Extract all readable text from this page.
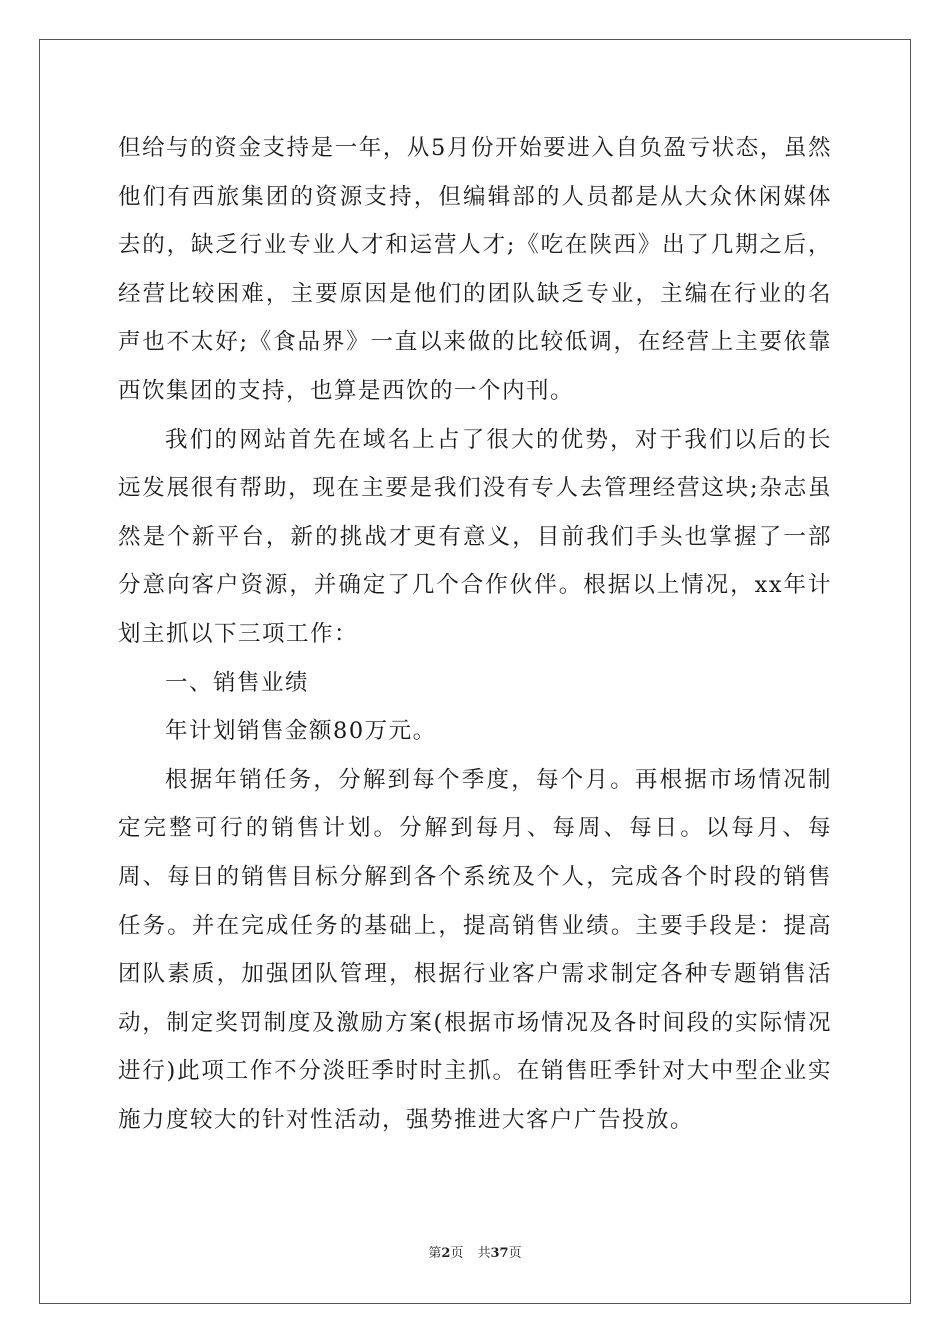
但给与的资金支持是一年，从5月份开始要进入自负盈亏状态，虽然他们有西旅集团的资源支持，但编辑部的人员都是从大众休闲媒体去的，缺乏行业专业人才和运营人才;《吃在陕西》出了几期之后，经营比较困难，主要原因是他们的团队缺乏专业，主编在行业的名声也不太好;《食品界》一直以来做的比较低调，在经营上主要依靠西饮集团的支持，也算是西饮的一个内刊。

我们的网站首先在域名上占了很大的优势，对于我们以后的长远发展很有帮助，现在主要是我们没有专人去管理经营这块;杂志虽然是个新平台，新的挑战才更有意义，目前我们手头也掌握了一部分意向客户资源，并确定了几个合作伙伴。根据以上情况，xx年计划主抓以下三项工作：

一、销售业绩

年计划销售金额80万元。

根据年销任务，分解到每个季度，每个月。再根据市场情况制定完整可行的销售计划。分解到每月、每周、每日。以每月、每周、每日的销售目标分解到各个系统及个人，完成各个时段的销售任务。并在完成任务的基础上，提高销售业绩。主要手段是：提高团队素质，加强团队管理，根据行业客户需求制定各种专题销售活动，制定奖罚制度及激励方案(根据市场情况及各时间段的实际情况进行)此项工作不分淡旺季时时主抓。在销售旺季针对大中型企业实施力度较大的针对性活动，强势推进大客户广告投放。

第2页 共37页
